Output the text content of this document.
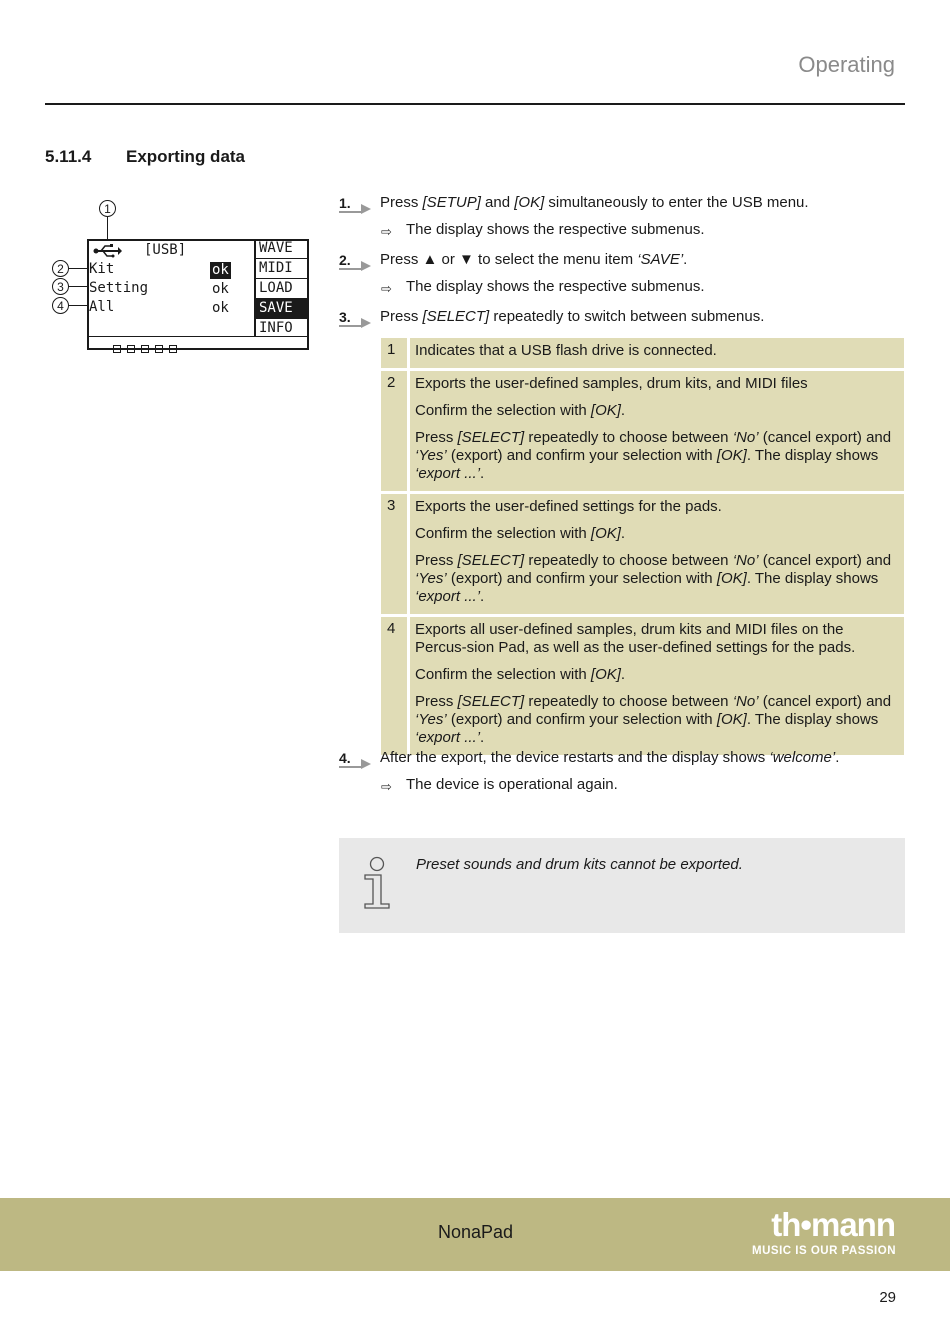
Operating
5.11.4 Exporting data
1
2
3
4
[USB]
Kit
Setting
All
ok
ok
ok
WAVE
MIDI
LOAD
SAVE
INFO
1. Press [SETUP] and [OK] simultaneously to enter the USB menu.
⇨ The display shows the respective submenus.
2. Press ▲ or ▼ to select the menu item ‘SAVE’.
⇨ The display shows the respective submenus.
3. Press [SELECT] repeatedly to switch between submenus.
1	Indicates that a USB flash drive is connected.

2	Exports the user-defined samples, drum kits, and MIDI files

Confirm the selection with [OK].

Press [SELECT] repeatedly to choose between ‘No’ (cancel export) and ‘Yes’ (export) and confirm your selection with [OK]. The display shows ‘export ...’.

3	Exports the user-defined settings for the pads.

Confirm the selection with [OK].

Press [SELECT] repeatedly to choose between ‘No’ (cancel export) and ‘Yes’ (export) and confirm your selection with [OK]. The display shows ‘export ...’.

4	Exports all user-defined samples, drum kits and MIDI files on the Percus-sion Pad, as well as the user-defined settings for the pads.

Confirm the selection with [OK].

Press [SELECT] repeatedly to choose between ‘No’ (cancel export) and ‘Yes’ (export) and confirm your selection with [OK]. The display shows ‘export ...’.

4. After the export, the device restarts and the display shows ‘welcome’.
⇨ The device is operational again.
Preset sounds and drum kits cannot be exported.
NonaPad	th•mann
MUSIC IS OUR PASSION
29
